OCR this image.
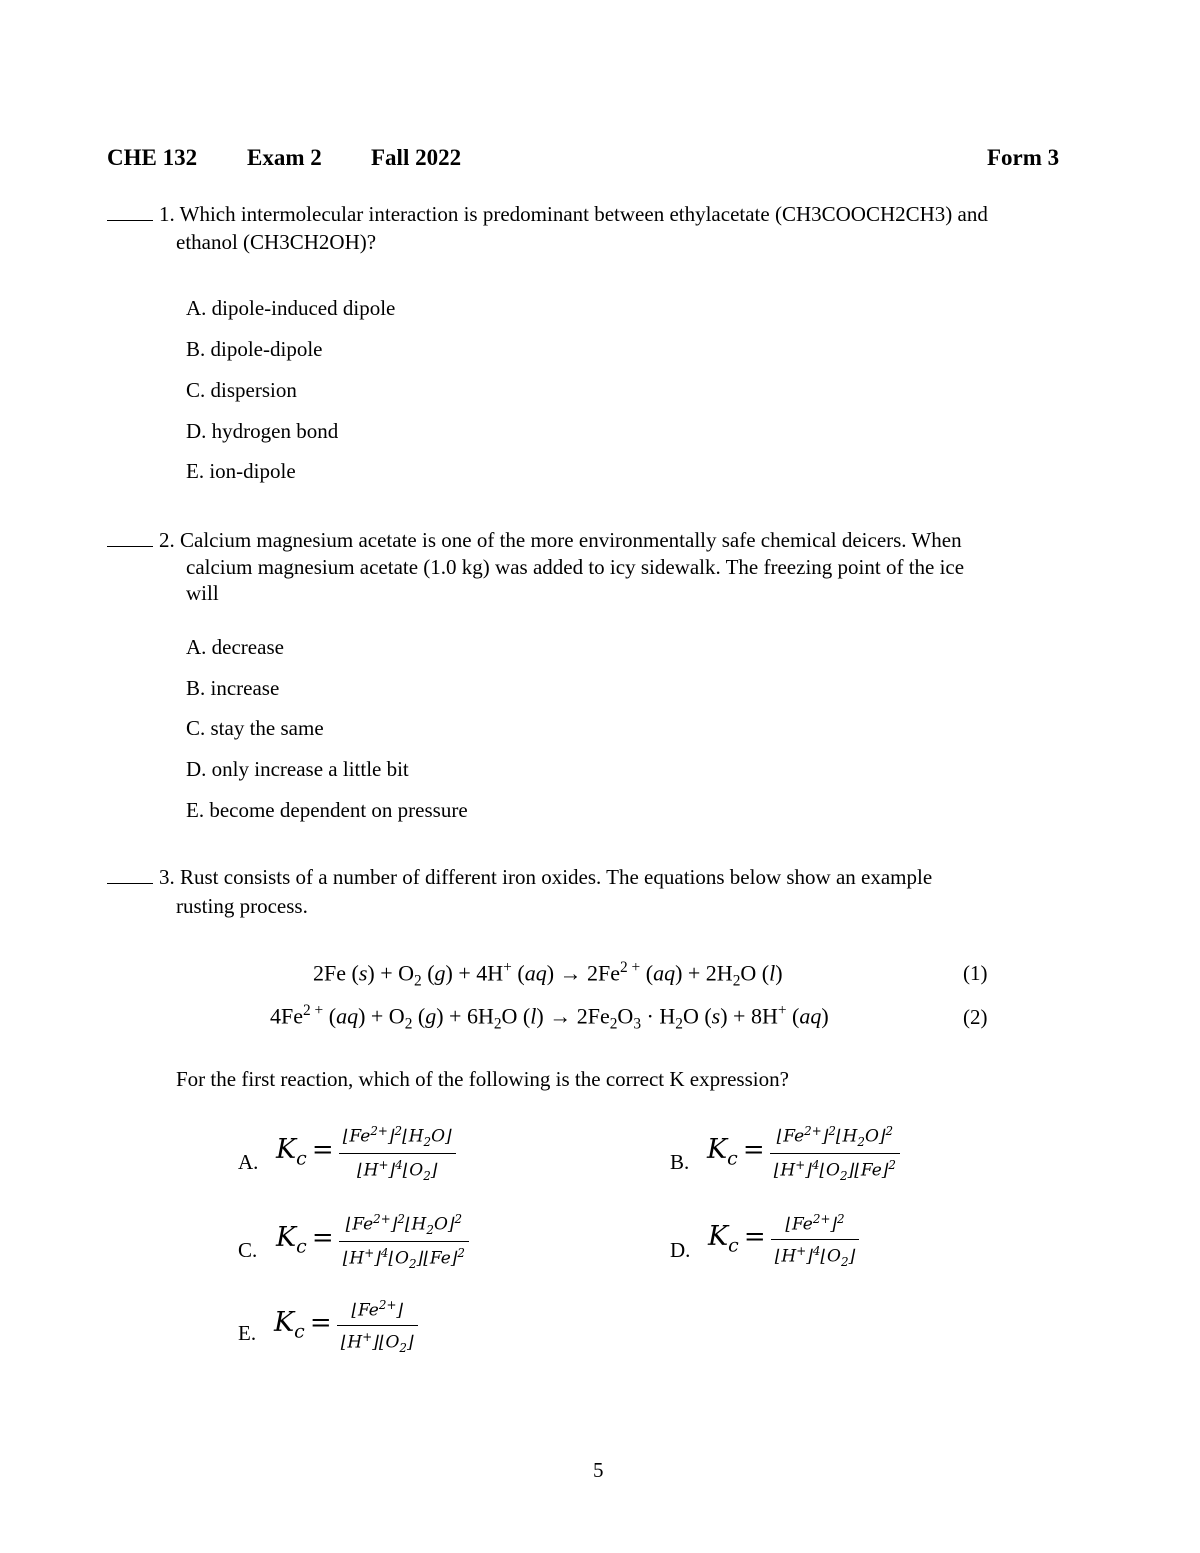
CHE 132 Exam 2 Fall 2022	Form 3
1. Which intermolecular interaction is predominant between ethylacetate (CH3COOCH2CH3) and
ethanol (CH3CH2OH)?
A. dipole-induced dipole
B. dipole-dipole
C. dispersion
D. hydrogen bond
E. ion-dipole
2. Calcium magnesium acetate is one of the more environmentally safe chemical deicers. When
calcium magnesium acetate (1.0 kg) was added to icy sidewalk. The freezing point of the ice
will
A. decrease
B. increase
C. stay the same
D. only increase a little bit
E. become dependent on pressure
3. Rust consists of a number of different iron oxides. The equations below show an example
rusting process.
2Fe $(s) + O_2$ (g) + 4H+ $(aq) \to 2Fe^{2 +}$ $(aq) + 2H_2O$ (l)	(1)
$4Fe^{2 +}$ $(aq) + O_2$ $(g) + 6H_2O$ $(l) \to 2Fe_2O_3 \cdot H_2O$ (s) + 8H+ (aq)	(2)
For the first reaction, which of the following is the correct K expression?
A. $K_c = \frac{⌊Fe^{2+}⌋^2⌊H_2O⌋}{⌊H^+⌋^4⌊O_2⌋}$	B. $K_c = \frac{⌊Fe^{2+}⌋^2⌊H_2O⌋^2}{⌊H^+⌋^4⌊O_2⌋⌊Fe⌋^2}$
C. $K_c = \frac{⌊Fe^{2+}⌋^2⌊H_2O⌋^2}{⌊H^+⌋^4⌊O_2⌋⌊Fe⌋^2}$	D. $K_c = \frac{⌊Fe^{2+}⌋^2}{⌊H^+⌋^4⌊O_2⌋}$
E. $K_c = \frac{⌊Fe^{2+}⌋}{⌊H^+⌋⌊O_2⌋}$
5
